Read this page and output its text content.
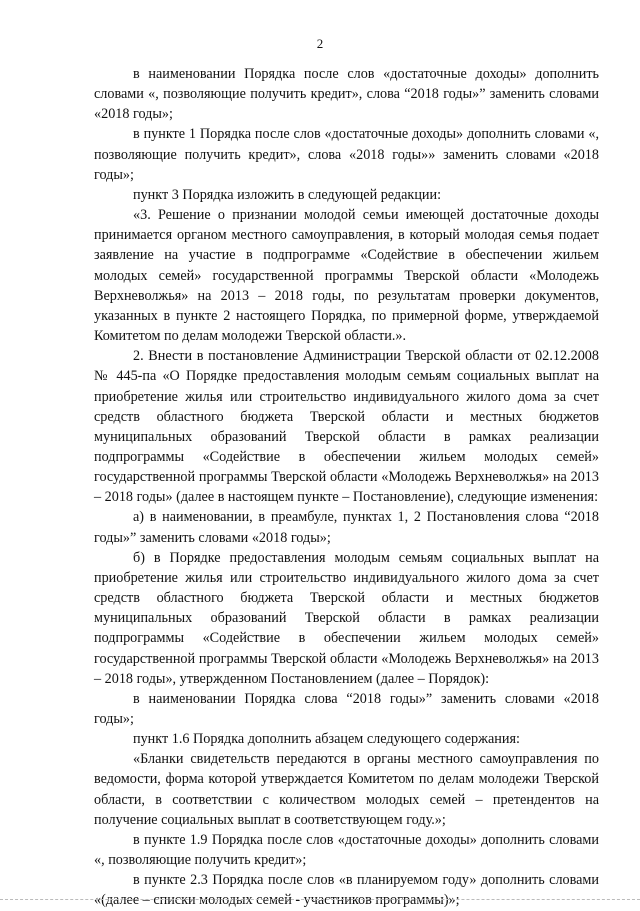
2

в наименовании Порядка после слов «достаточные доходы» дополнить словами «, позволяющие получить кредит», слова “2018 годы»” заменить словами «2018 годы»;

в пункте 1 Порядка после слов «достаточные доходы» дополнить словами «, позволяющие получить кредит», слова «2018 годы»» заменить словами «2018 годы»;

пункт 3 Порядка изложить в следующей редакции:

«3. Решение о признании молодой семьи имеющей достаточные доходы принимается органом местного самоуправления, в который молодая семья подает заявление на участие в подпрограмме «Содействие в обеспечении жильем молодых семей» государственной программы Тверской области «Молодежь Верхневолжья» на 2013 – 2018 годы, по результатам проверки документов, указанных в пункте 2 настоящего Порядка, по примерной форме, утверждаемой Комитетом по делам молодежи Тверской области.».

2. Внести в постановление Администрации Тверской области от 02.12.2008 № 445-па «О Порядке предоставления молодым семьям социальных выплат на приобретение жилья или строительство индивидуального жилого дома за счет средств областного бюджета Тверской области и местных бюджетов муниципальных образований Тверской области в рамках реализации подпрограммы «Содействие в обеспечении жильем молодых семей» государственной программы Тверской области «Молодежь Верхневолжья» на 2013 – 2018 годы» (далее в настоящем пункте – Постановление), следующие изменения:

а) в наименовании, в преамбуле, пунктах 1, 2 Постановления слова “2018 годы»” заменить словами «2018 годы»;

б) в Порядке предоставления молодым семьям социальных выплат на приобретение жилья или строительство индивидуального жилого дома за счет средств областного бюджета Тверской области и местных бюджетов муниципальных образований Тверской области в рамках реализации подпрограммы «Содействие в обеспечении жильем молодых семей» государственной программы Тверской области «Молодежь Верхневолжья» на 2013 – 2018 годы», утвержденном Постановлением (далее – Порядок):

в наименовании Порядка слова “2018 годы»” заменить словами «2018 годы»;

пункт 1.6 Порядка дополнить абзацем следующего содержания:

«Бланки свидетельств передаются в органы местного самоуправления по ведомости, форма которой утверждается Комитетом по делам молодежи Тверской области, в соответствии с количеством молодых семей – претендентов на получение социальных выплат в соответствующем году.»;

в пункте 1.9 Порядка после слов «достаточные доходы» дополнить словами «, позволяющие получить кредит»;

в пункте 2.3 Порядка после слов «в планируемом году» дополнить словами «(далее – списки молодых семей - участников программы)»;
